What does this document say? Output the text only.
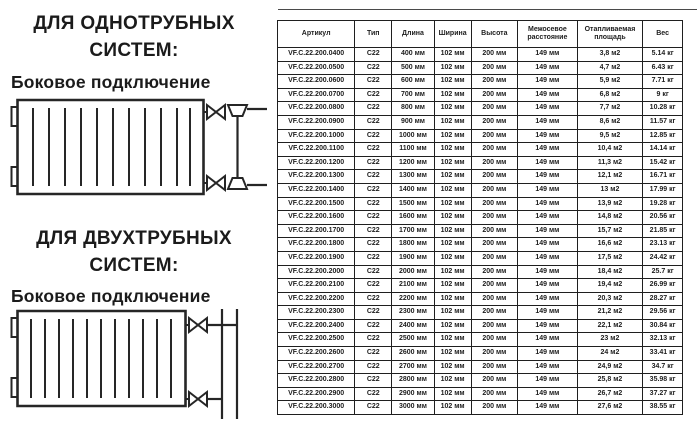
ДЛЯ ОДНОТРУБНЫХ
СИСТЕМ:
Боковое подключение
ДЛЯ ДВУХТРУБНЫХ
СИСТЕМ:
Боковое подключение
Артикул	Тип	Длина	Ширина	Высота	Межосевое
расстояние	Отапливаемая
площадь	Вес
VF.C.22.200.0400	C22	400 мм	102 мм	200 мм	149 мм	3,8 м2	5.14 кг
VF.C.22.200.0500	C22	500 мм	102 мм	200 мм	149 мм	4,7 м2	6.43 кг
VF.C.22.200.0600	C22	600 мм	102 мм	200 мм	149 мм	5,9 м2	7.71 кг
VF.C.22.200.0700	C22	700 мм	102 мм	200 мм	149 мм	6,8 м2	9 кг
VF.C.22.200.0800	C22	800 мм	102 мм	200 мм	149 мм	7,7 м2	10.28 кг
VF.C.22.200.0900	C22	900 мм	102 мм	200 мм	149 мм	8,6 м2	11.57 кг
VF.C.22.200.1000	C22	1000 мм	102 мм	200 мм	149 мм	9,5 м2	12.85 кг
VF.C.22.200.1100	C22	1100 мм	102 мм	200 мм	149 мм	10,4 м2	14.14 кг
VF.C.22.200.1200	C22	1200 мм	102 мм	200 мм	149 мм	11,3 м2	15.42 кг
VF.C.22.200.1300	C22	1300 мм	102 мм	200 мм	149 мм	12,1 м2	16.71 кг
VF.C.22.200.1400	C22	1400 мм	102 мм	200 мм	149 мм	13 м2	17.99 кг
VF.C.22.200.1500	C22	1500 мм	102 мм	200 мм	149 мм	13,9 м2	19.28 кг
VF.C.22.200.1600	C22	1600 мм	102 мм	200 мм	149 мм	14,8 м2	20.56 кг
VF.C.22.200.1700	C22	1700 мм	102 мм	200 мм	149 мм	15,7 м2	21.85 кг
VF.C.22.200.1800	C22	1800 мм	102 мм	200 мм	149 мм	16,6 м2	23.13 кг
VF.C.22.200.1900	C22	1900 мм	102 мм	200 мм	149 мм	17,5 м2	24.42 кг
VF.C.22.200.2000	C22	2000 мм	102 мм	200 мм	149 мм	18,4 м2	25.7 кг
VF.C.22.200.2100	C22	2100 мм	102 мм	200 мм	149 мм	19,4 м2	26.99 кг
VF.C.22.200.2200	C22	2200 мм	102 мм	200 мм	149 мм	20,3 м2	28.27 кг
VF.C.22.200.2300	C22	2300 мм	102 мм	200 мм	149 мм	21,2 м2	29.56 кг
VF.C.22.200.2400	C22	2400 мм	102 мм	200 мм	149 мм	22,1 м2	30.84 кг
VF.C.22.200.2500	C22	2500 мм	102 мм	200 мм	149 мм	23 м2	32.13 кг
VF.C.22.200.2600	C22	2600 мм	102 мм	200 мм	149 мм	24 м2	33.41 кг
VF.C.22.200.2700	C22	2700 мм	102 мм	200 мм	149 мм	24,9 м2	34.7 кг
VF.C.22.200.2800	C22	2800 мм	102 мм	200 мм	149 мм	25,8 м2	35.98 кг
VF.C.22.200.2900	C22	2900 мм	102 мм	200 мм	149 мм	26,7 м2	37.27 кг
VF.C.22.200.3000	C22	3000 мм	102 мм	200 мм	149 мм	27,6 м2	38.55 кг
